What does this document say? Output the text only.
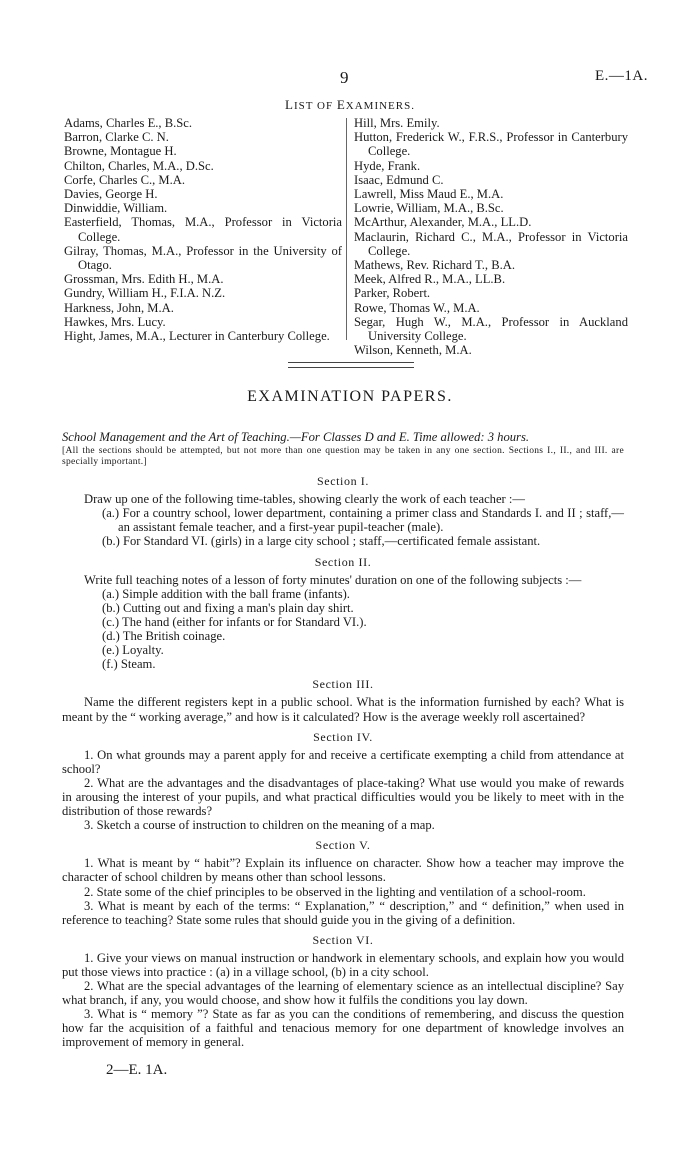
9	E.—1A.
LIST OF EXAMINERS.
Adams, Charles E., B.Sc.
Barron, Clarke C. N.
Browne, Montague H.
Chilton, Charles, M.A., D.Sc.
Corfe, Charles C., M.A.
Davies, George H.
Dinwiddie, William.
Easterfield, Thomas, M.A., Professor in Victoria College.
Gilray, Thomas, M.A., Professor in the University of Otago.
Grossman, Mrs. Edith H., M.A.
Gundry, William H., F.I.A. N.Z.
Harkness, John, M.A.
Hawkes, Mrs. Lucy.
Hight, James, M.A., Lecturer in Canterbury College.
Hill, Mrs. Emily.
Hutton, Frederick W., F.R.S., Professor in Canterbury College.
Hyde, Frank.
Isaac, Edmund C.
Lawrell, Miss Maud E., M.A.
Lowrie, William, M.A., B.Sc.
McArthur, Alexander, M.A., LL.D.
Maclaurin, Richard C., M.A., Professor in Victoria College.
Mathews, Rev. Richard T., B.A.
Meek, Alfred R., M.A., LL.B.
Parker, Robert.
Rowe, Thomas W., M.A.
Segar, Hugh W., M.A., Professor in Auckland University College.
Wilson, Kenneth, M.A.
EXAMINATION PAPERS.

School Management and the Art of Teaching.—For Classes D and E. Time allowed: 3 hours.

[All the sections should be attempted, but not more than one question may be taken in any one section. Sections I., II., and III. are specially important.]

Section I.

Draw up one of the following time-tables, showing clearly the work of each teacher :—

(a.) For a country school, lower department, containing a primer class and Standards I. and II ; staff,—an assistant female teacher, and a first-year pupil-teacher (male).

(b.) For Standard VI. (girls) in a large city school ; staff,—certificated female assistant.

Section II.

Write full teaching notes of a lesson of forty minutes' duration on one of the following subjects :—

(a.) Simple addition with the ball frame (infants).

(b.) Cutting out and fixing a man's plain day shirt.

(c.) The hand (either for infants or for Standard VI.).

(d.) The British coinage.

(e.) Loyalty.

(f.) Steam.

Section III.

Name the different registers kept in a public school. What is the information furnished by each? What is meant by the “ working average,” and how is it calculated? How is the average weekly roll ascertained?

Section IV.

1. On what grounds may a parent apply for and receive a certificate exempting a child from attendance at school?

2. What are the advantages and the disadvantages of place-taking? What use would you make of rewards in arousing the interest of your pupils, and what practical difficulties would you be likely to meet with in the distribution of those rewards?

3. Sketch a course of instruction to children on the meaning of a map.

Section V.

1. What is meant by “ habit”? Explain its influence on character. Show how a teacher may improve the character of school children by means other than school lessons.

2. State some of the chief principles to be observed in the lighting and ventilation of a school-room.

3. What is meant by each of the terms: “ Explanation,” “ description,” and “ definition,” when used in reference to teaching? State some rules that should guide you in the giving of a definition.

Section VI.

1. Give your views on manual instruction or handwork in elementary schools, and explain how you would put those views into practice : (a) in a village school, (b) in a city school.

2. What are the special advantages of the learning of elementary science as an intellectual discipline? Say what branch, if any, you would choose, and show how it fulfils the conditions you lay down.

3. What is “ memory ”? State as far as you can the conditions of remembering, and discuss the question how far the acquisition of a faithful and tenacious memory for one department of knowledge involves an improvement of memory in general.

2—E. 1A.
